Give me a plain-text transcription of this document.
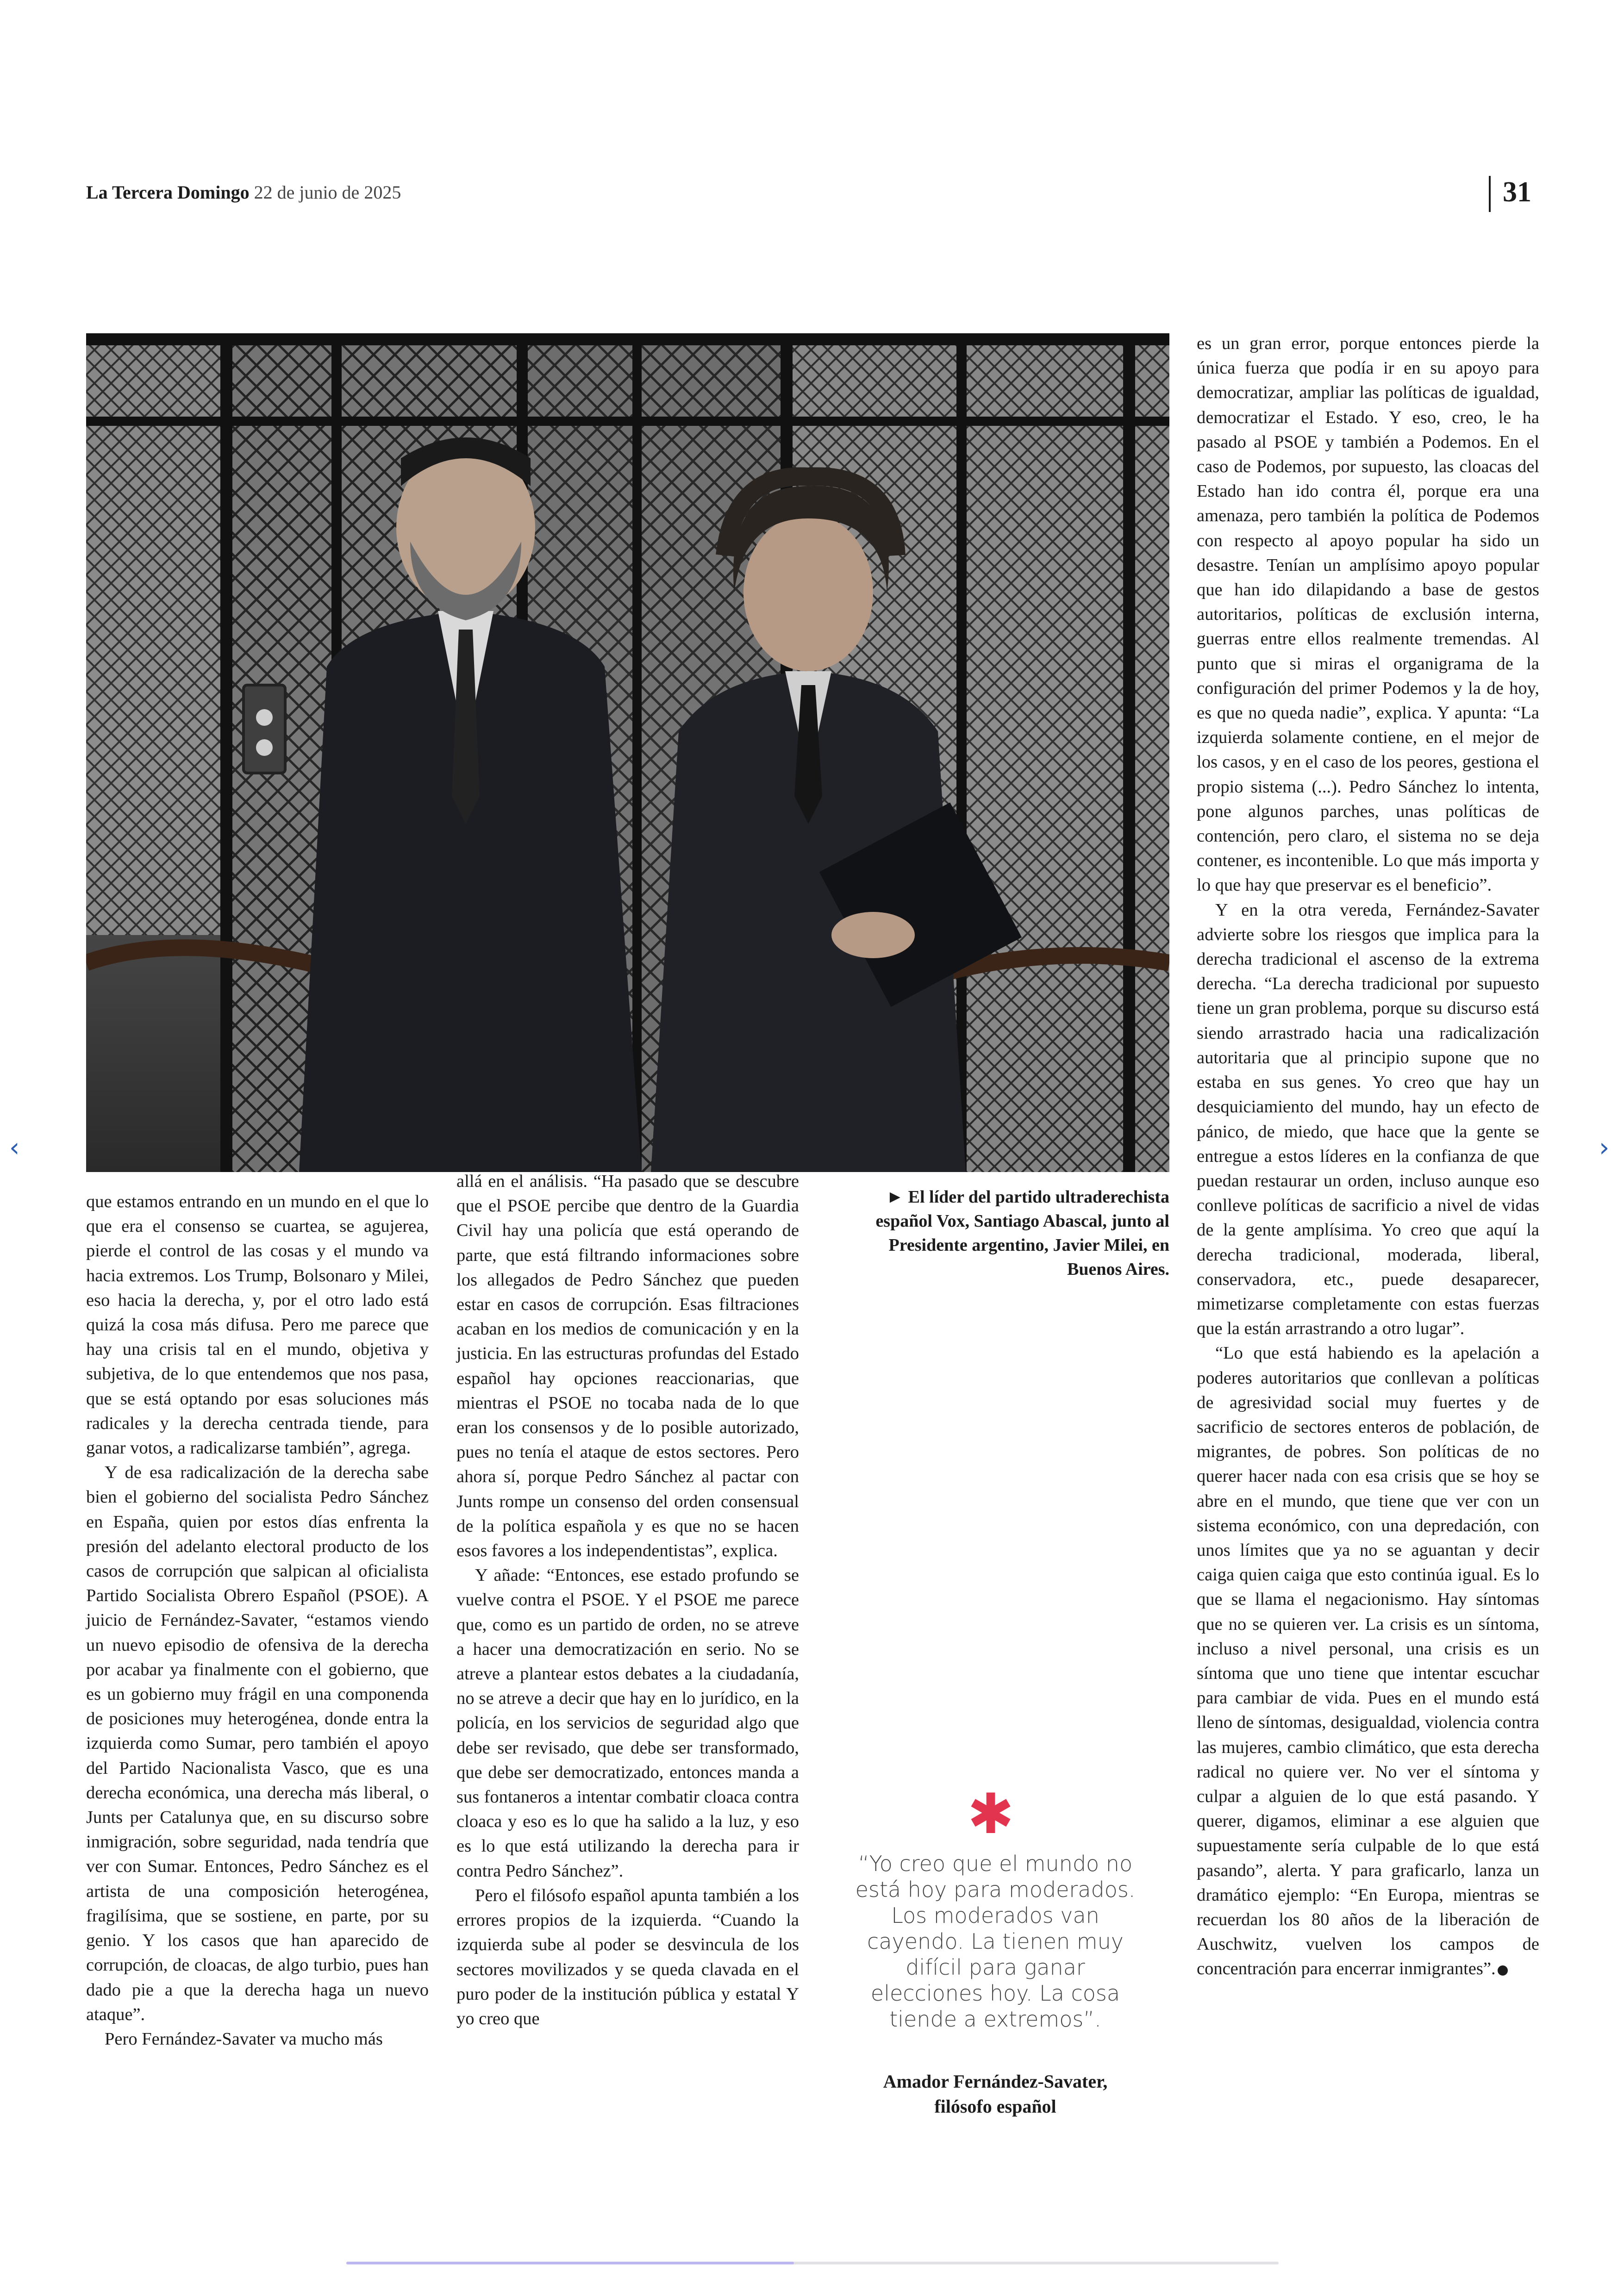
La Tercera Domingo 22 de junio de 2025	31

que estamos entrando en un mundo en el que lo que era el consenso se cuartea, se agujerea, pierde el control de las cosas y el mundo va hacia extremos. Los Trump, Bolsonaro y Milei, eso hacia la derecha, y, por el otro lado está quizá la cosa más difusa. Pero me parece que hay una crisis tal en el mundo, objetiva y subjetiva, de lo que entendemos que nos pasa, que se está optando por esas soluciones más radicales y la derecha centrada tiende, para ganar votos, a radicalizarse también”, agrega.

Y de esa radicalización de la derecha sabe bien el gobierno del socialista Pedro Sánchez en España, quien por estos días enfrenta la presión del adelanto electoral producto de los casos de corrupción que salpican al oficialista Partido Socialista Obrero Español (PSOE). A juicio de Fernández-Savater, “estamos viendo un nuevo episodio de ofensiva de la derecha por acabar ya finalmente con el gobierno, que es un gobierno muy frágil en una componenda de posiciones muy heterogénea, donde entra la izquierda como Sumar, pero también el apoyo del Partido Nacionalista Vasco, que es una derecha económica, una derecha más liberal, o Junts per Catalunya que, en su discurso sobre inmigración, sobre seguridad, nada tendría que ver con Sumar. Entonces, Pedro Sánchez es el artista de una composición heterogénea, fragilísima, que se sostiene, en parte, por su genio. Y los casos que han aparecido de corrupción, de cloacas, de algo turbio, pues han dado pie a que la derecha haga un nuevo ataque”.

Pero Fernández-Savater va mucho más

allá en el análisis. “Ha pasado que se descubre que el PSOE percibe que dentro de la Guardia Civil hay una policía que está operando de parte, que está filtrando informaciones sobre los allegados de Pedro Sánchez que pueden estar en casos de corrupción. Esas filtraciones acaban en los medios de comunicación y en la justicia. En las estructuras profundas del Estado español hay opciones reaccionarias, que mientras el PSOE no tocaba nada de lo que eran los consensos y de lo posible autorizado, pues no tenía el ataque de estos sectores. Pero ahora sí, porque Pedro Sánchez al pactar con Junts rompe un consenso del orden consensual de la política española y es que no se hacen esos favores a los independentistas”, explica.

Y añade: “Entonces, ese estado profundo se vuelve contra el PSOE. Y el PSOE me parece que, como es un partido de orden, no se atreve a hacer una democratización en serio. No se atreve a plantear estos debates a la ciudadanía, no se atreve a decir que hay en lo jurídico, en la policía, en los servicios de seguridad algo que debe ser revisado, que debe ser transformado, que debe ser democratizado, entonces manda a sus fontaneros a intentar combatir cloaca contra cloaca y eso es lo que ha salido a la luz, y eso es lo que está utilizando la derecha para ir contra Pedro Sánchez”.

Pero el filósofo español apunta también a los errores propios de la izquierda. “Cuando la izquierda sube al poder se desvincula de los sectores movilizados y se queda clavada en el puro poder de la institución pública y estatal Y yo creo que

► El líder del partido ultraderechista español Vox, Santiago Abascal, junto al Presidente argentino, Javier Milei, en Buenos Aires.
✱
“Yo creo que el mundo no está hoy para moderados. Los moderados van cayendo. La tienen muy difícil para ganar elecciones hoy. La cosa tiende a extremos”.
Amador Fernández-Savater,
filósofo español

es un gran error, porque entonces pierde la única fuerza que podía ir en su apoyo para democratizar, ampliar las políticas de igualdad, democratizar el Estado. Y eso, creo, le ha pasado al PSOE y también a Podemos. En el caso de Podemos, por supuesto, las cloacas del Estado han ido contra él, porque era una amenaza, pero también la política de Podemos con respecto al apoyo popular ha sido un desastre. Tenían un amplísimo apoyo popular que han ido dilapidando a base de gestos autoritarios, políticas de exclusión interna, guerras entre ellos realmente tremendas. Al punto que si miras el organigrama de la configuración del primer Podemos y la de hoy, es que no queda nadie”, explica. Y apunta: “La izquierda solamente contiene, en el mejor de los casos, y en el caso de los peores, gestiona el propio sistema (...). Pedro Sánchez lo intenta, pone algunos parches, unas políticas de contención, pero claro, el sistema no se deja contener, es incontenible. Lo que más importa y lo que hay que preservar es el beneficio”.

Y en la otra vereda, Fernández-Savater advierte sobre los riesgos que implica para la derecha tradicional el ascenso de la extrema derecha. “La derecha tradicional por supuesto tiene un gran problema, porque su discurso está siendo arrastrado hacia una radicalización autoritaria que al principio supone que no estaba en sus genes. Yo creo que hay un desquiciamiento del mundo, hay un efecto de pánico, de miedo, que hace que la gente se entregue a estos líderes en la confianza de que puedan restaurar un orden, incluso aunque eso conlleve políticas de sacrificio a nivel de vidas de la gente amplísima. Yo creo que aquí la derecha tradicional, moderada, liberal, conservadora, etc., puede desaparecer, mimetizarse completamente con estas fuerzas que la están arrastrando a otro lugar”.

“Lo que está habiendo es la apelación a poderes autoritarios que conllevan a políticas de agresividad social muy fuertes y de sacrificio de sectores enteros de población, de migrantes, de pobres. Son políticas de no querer hacer nada con esa crisis que se hoy se abre en el mundo, que tiene que ver con un sistema económico, con una depredación, con unos límites que ya no se aguantan y decir caiga quien caiga que esto continúa igual. Es lo que se llama el negacionismo. Hay síntomas que no se quieren ver. La crisis es un síntoma, incluso a nivel personal, una crisis es un síntoma que uno tiene que intentar escuchar para cambiar de vida. Pues en el mundo está lleno de síntomas, desigualdad, violencia contra las mujeres, cambio climático, que esta derecha radical no quiere ver. No ver el síntoma y culpar a alguien de lo que está pasando. Y querer, digamos, eliminar a ese alguien que supuestamente sería culpable de lo que está pasando”, alerta. Y para graficarlo, lanza un dramático ejemplo: “En Europa, mientras se recuerdan los 80 años de la liberación de Auschwitz, vuelven los campos de concentración para encerrar inmigrantes”.

‹	›
